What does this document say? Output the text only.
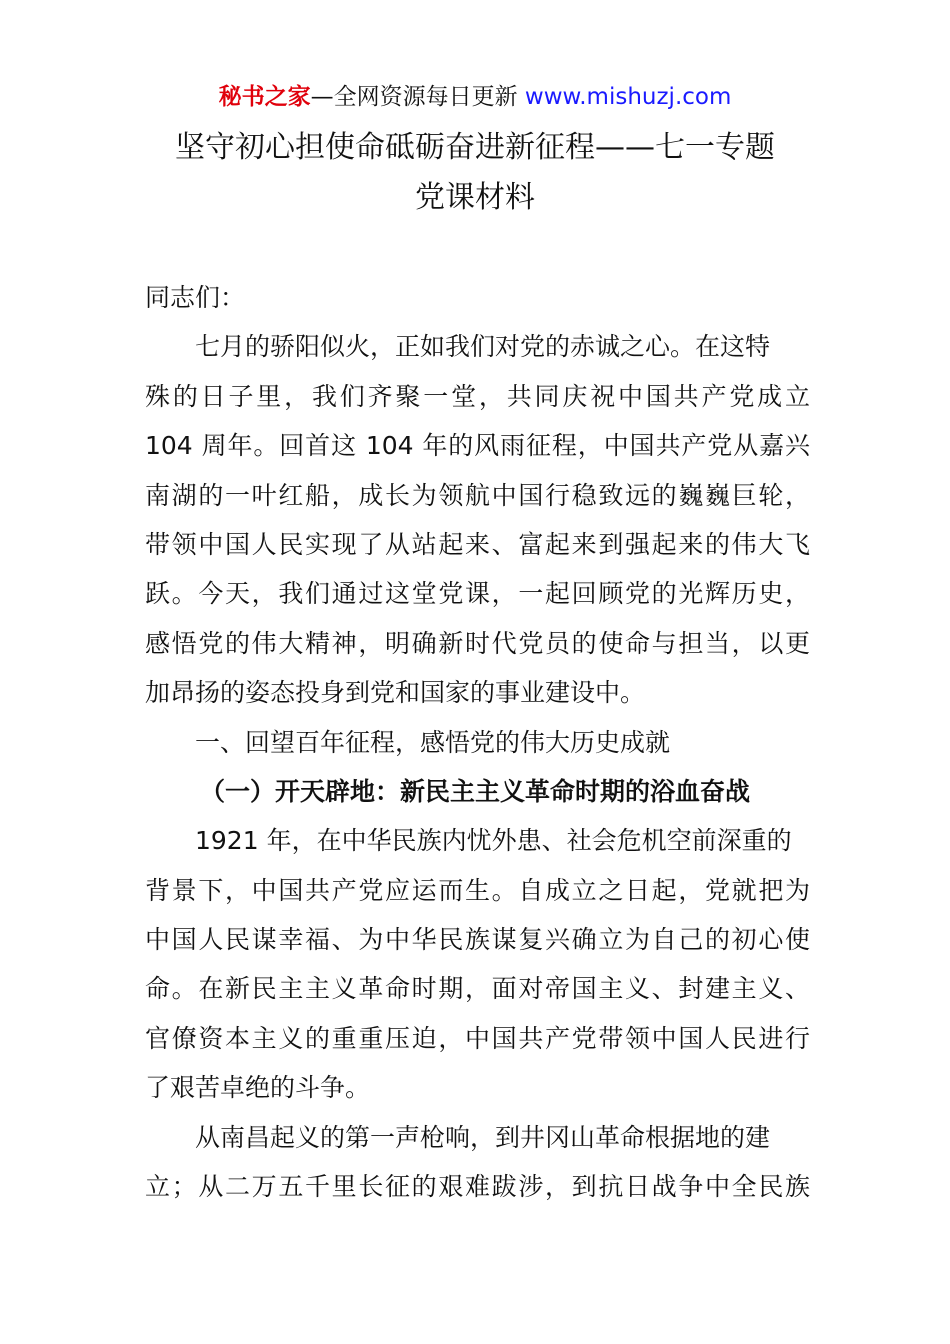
秘书之家—全网资源每日更新 www.mishuzj.com
坚守初心担使命砥砺奋进新征程——七一专题
党课材料
同志们：
七月的骄阳似火，正如我们对党的赤诚之心。在这特
殊的日子里，我们齐聚一堂，共同庆祝中国共产党成立
104 周年。回首这 104 年的风雨征程，中国共产党从嘉兴
南湖的一叶红船，成长为领航中国行稳致远的巍巍巨轮，
带领中国人民实现了从站起来、富起来到强起来的伟大飞
跃。今天，我们通过这堂党课，一起回顾党的光辉历史，
感悟党的伟大精神，明确新时代党员的使命与担当，以更
加昂扬的姿态投身到党和国家的事业建设中。
一、回望百年征程，感悟党的伟大历史成就
（一）开天辟地：新民主主义革命时期的浴血奋战
1921 年，在中华民族内忧外患、社会危机空前深重的
背景下，中国共产党应运而生。自成立之日起，党就把为
中国人民谋幸福、为中华民族谋复兴确立为自己的初心使
命。在新民主主义革命时期，面对帝国主义、封建主义、
官僚资本主义的重重压迫，中国共产党带领中国人民进行
了艰苦卓绝的斗争。
从南昌起义的第一声枪响，到井冈山革命根据地的建
立；从二万五千里长征的艰难跋涉，到抗日战争中全民族
